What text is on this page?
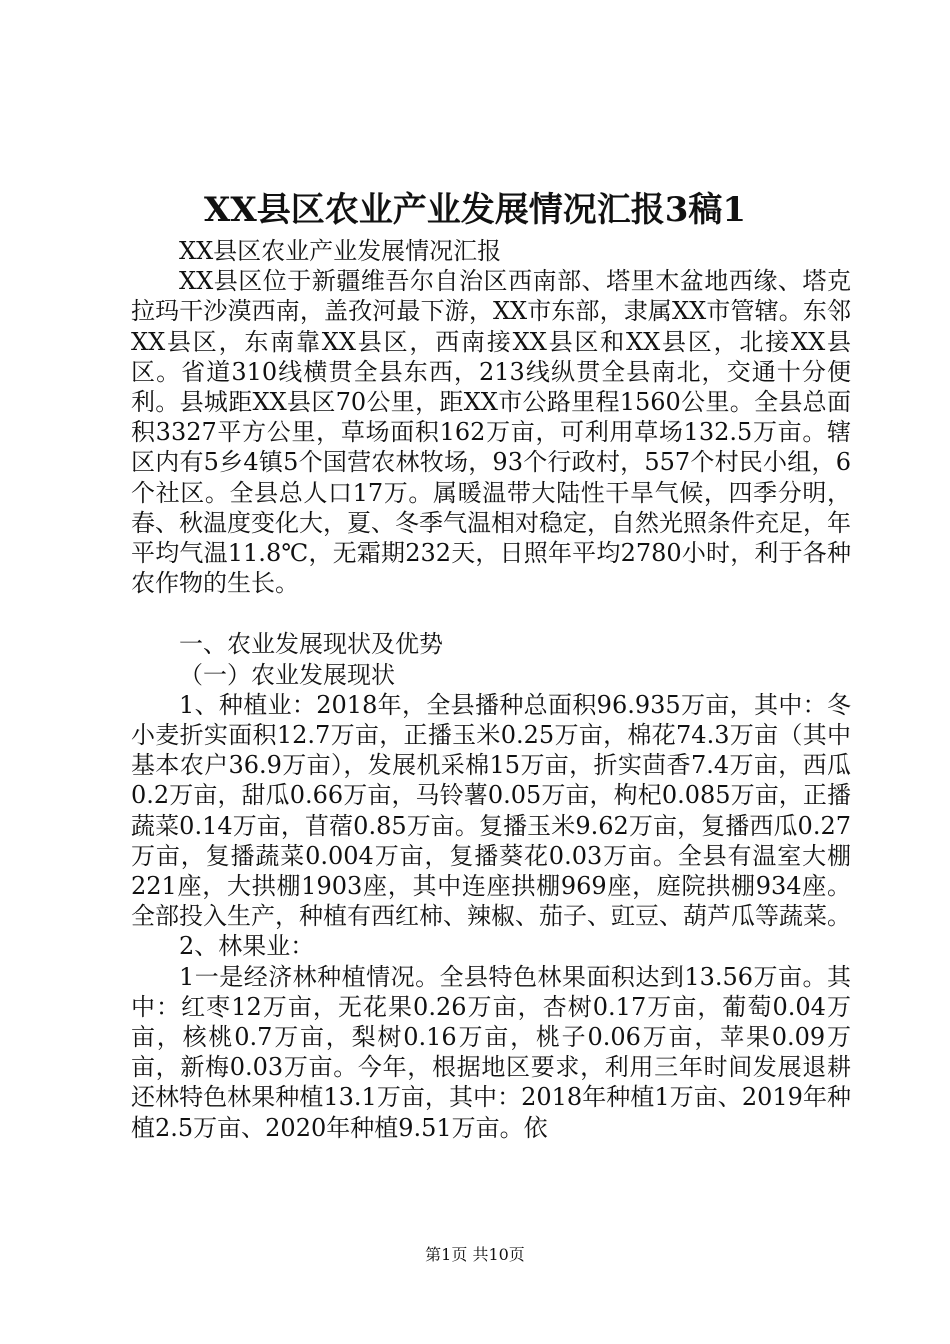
XX县区农业产业发展情况汇报3稿1

XX县区农业产业发展情况汇报

XX县区位于新疆维吾尔自治区西南部、塔里木盆地西缘、塔克拉玛干沙漠西南，盖孜河最下游，XX市东部，隶属XX市管辖。东邻XX县区，东南靠XX县区，西南接XX县区和XX县区，北接XX县区。省道310线横贯全县东西，213线纵贯全县南北，交通十分便利。县城距XX县区70公里，距XX市公路里程1560公里。全县总面积3327平方公里，草场面积162万亩，可利用草场132.5万亩。辖区内有5乡4镇5个国营农林牧场，93个行政村，557个村民小组，6个社区。全县总人口17万。属暖温带大陆性干旱气候，四季分明，春、秋温度变化大，夏、冬季气温相对稳定，自然光照条件充足，年平均气温11.8℃，无霜期232天，日照年平均2780小时，利于各种农作物的生长。

一、农业发展现状及优势

（一）农业发展现状

1、种植业：2018年，全县播种总面积96.935万亩，其中：冬小麦折实面积12.7万亩，正播玉米0.25万亩，棉花74.3万亩（其中基本农户36.9万亩），发展机采棉15万亩，折实茴香7.4万亩，西瓜0.2万亩，甜瓜0.66万亩，马铃薯0.05万亩，枸杞0.085万亩，正播蔬菜0.14万亩，苜蓿0.85万亩。复播玉米9.62万亩，复播西瓜0.27万亩，复播蔬菜0.004万亩，复播葵花0.03万亩。全县有温室大棚221座，大拱棚1903座，其中连座拱棚969座，庭院拱棚934座。全部投入生产，种植有西红柿、辣椒、茄子、豇豆、葫芦瓜等蔬菜。

2、林果业：

1一是经济林种植情况。全县特色林果面积达到13.56万亩。其中：红枣12万亩，无花果0.26万亩，杏树0.17万亩，葡萄0.04万亩，核桃0.7万亩，梨树0.16万亩，桃子0.06万亩，苹果0.09万亩，新梅0.03万亩。今年，根据地区要求，利用三年时间发展退耕还林特色林果种植13.1万亩，其中：2018年种植1万亩、2019年种植2.5万亩、2020年种植9.51万亩。依

第1页 共10页
